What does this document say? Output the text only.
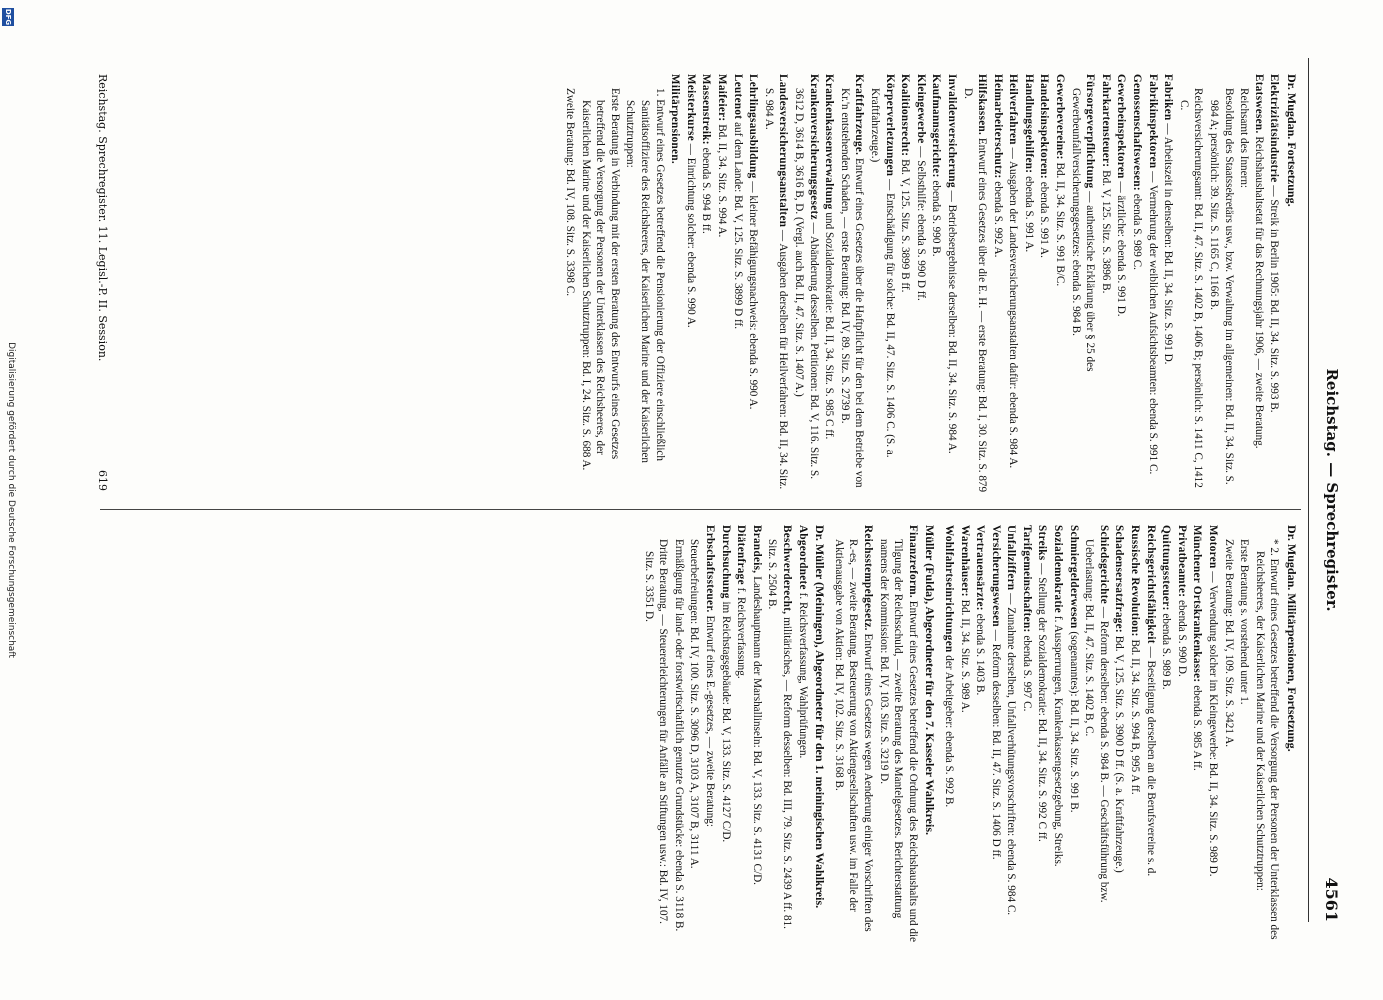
Reichstag. — Sprechregister.
4561
Dr. Mugdan. Fortsetzung.
Elektrizitätsindustrie — Streik in Berlin 1905: Bd. II, 34. Sitz. S. 993 B.
Etatswesen. Reichshaushaltsetat für das Rechnungsjahr 1906, — zweite Beratung. Reichsamt des Innern:
Besoldung des Staatssekretärs usw., bzw. Verwaltung im allgemeinen: Bd. II, 34. Sitz. S. 984 A; persönlich: 39. Sitz. S. 1165 C, 1166 B.
Reichsversicherungsamt: Bd. II, 47. Sitz. S. 1402 B, 1406 B; persönlich: S. 1411 C, 1412 C.
Fabriken — Arbeitszeit in denselben: Bd. II, 34. Sitz. S. 991 D.
Fabrikinspektoren — Vermehrung der weiblichen Aufsichtsbeamten: ebenda S. 991 C.
Genossenschaftswesen: ebenda S. 989 C.
Gewerbeinspektoren — ärztliche: ebenda S. 991 D.
Fahrkartensteuer: Bd. V, 125. Sitz. S. 3896 B.
Fürsorgeverpflichtung — authentische Erklärung über § 25 des Gewerbeunfallversicherungsgesetzes: ebenda S. 984 B.
Gewerbevereine: Bd. II, 34. Sitz. S. 991 B/C.
Handelsinspektoren: ebenda S. 991 A.
Handlungsgehilfen: ebenda S. 991 A.
Heilverfahren — Ausgaben der Landesversicherungsanstalten dafür: ebenda S. 984 A.
Heimarbeiterschutz: ebenda S. 992 A.
Hilfskassen. Entwurf eines Gesetzes über die E. H. — erste Beratung: Bd. I, 30. Sitz. S. 879 D.
Invalidenversicherung — Betriebsergebnisse derselben: Bd. II, 34. Sitz. S. 984 A.
Kaufmannsgerichte: ebenda S. 990 B.
Kleingewerbe — Selbsthilfe: ebenda S. 990 D ff.
Koalitionsrecht: Bd. V, 125. Sitz. S. 3899 B ff.
Körperverletzungen — Entschädigung für solche: Bd. II, 47. Sitz. S. 1406 C. (S. a. Kraftfahrzeuge.)
Kraftfahrzeuge. Entwurf eines Gesetzes über die Haftpflicht für den bei dem Betriebe von Kr.'n entstehenden Schaden, — erste Beratung: Bd. IV, 89. Sitz. S. 2739 B.
Krankenkassenverwaltung und Sozialdemokratie: Bd. II, 34. Sitz. S. 985 C ff.
Krankenversicherungsgesetz — Abänderung desselben. Petitionen: Bd. V, 116. Sitz. S. 3612 D, 3614 B, 3616 B, D. (Vergl. auch Bd. II, 47. Sitz. S. 1407 A.)
Landesversicherungsanstalten — Ausgaben derselben für Heilverfahren: Bd. II, 34. Sitz. S. 984 A.
Lehrlingsausbildung — kleiner Befähigungsnachweis: ebenda S. 990 A.
Leutenot auf dem Lande: Bd. V, 125. Sitz. S. 3899 D ff.
Maifeier: Bd. II, 34. Sitz. S. 994 A.
Massenstreik: ebenda S. 994 B ff.
Meisterkurse — Einrichtung solcher: ebenda S. 990 A.
Militärpensionen.
1. Entwurf eines Gesetzes betreffend die Pensionierung der Offiziere einschließlich Sanitätsoffiziere des Reichsheeres, der Kaiserlichen Marine und der Kaiserlichen Schutztruppen:
Erste Beratung in Verbindung mit der ersten Beratung des Entwurfs eines Gesetzes betreffend die Versorgung der Personen der Unterklassen des Reichsheeres, der Kaiserlichen Marine und der Kaiserlichen Schutztruppen: Bd. I, 24. Sitz. S. 688 A.
Zweite Beratung: Bd. IV, 108. Sitz. S. 3398 C.
Dr. Mugdan. Militärpensionen, Fortsetzung.
* 2. Entwurf eines Gesetzes betreffend die Versorgung der Personen der Unterklassen des Reichsheeres, der Kaiserlichen Marine und der Kaiserlichen Schutztruppen:
Erste Beratung s. vorstehend unter 1.
Zweite Beratung: Bd. IV, 109. Sitz. S. 3421 A.
Motoren — Verwendung solcher im Kleingewerbe: Bd. II, 34. Sitz. S. 989 D.
Münchener Ortskrankenkasse: ebenda S. 985 A ff.
Privatbeamte: ebenda S. 990 D.
Quittungssteuer: ebenda S. 989 B.
Reichsgerichtsfähigkeit — Beseitigung derselben an die Berufsvereine s. d.
Russische Revolution: Bd. II, 34. Sitz. S. 994 B, 995 A ff.
Schadensersatzfrage: Bd. V, 125. Sitz. S. 3900 D ff. (S. a. Kraftfahrzeuge.)
Schiedsgerichte — Reform derselben: ebenda S. 984 B. — Geschäftsführung bzw. Ueberlastung: Bd. II, 47. Sitz. S. 1402 B, C.
Schmiergelderwesen (sogenanntes): Bd. II, 34. Sitz. S. 991 B.
Sozialdemokratie f. Aussperrungen, Krankenkassengesetzgebung, Streiks.
Streiks — Stellung der Sozialdemokratie: Bd. II, 34. Sitz. S. 992 C ff.
Tarifgemeinschaften: ebenda S. 997 C.
Unfallziffern — Zunahme derselben, Unfallverhütungsvorschriften: ebenda S. 984 C.
Versicherungswesen — Reform desselben: Bd. II, 47. Sitz. S. 1406 D ff.
Vertrauensärzte: ebenda S. 1403 B.
Warenhäuser: Bd. II, 34. Sitz. S. 989 A.
Wohlfahrtseinrichtungen der Arbeitgeber: ebenda S. 992 B.
Müller (Fulda), Abgeordneter für den 7. Kasseler Wahlkreis.
Finanzreform. Entwurf eines Gesetzes betreffend die Ordnung des Reichshaushalts und die Tilgung der Reichsschuld, — zweite Beratung des Mantelgesetzes. Berichterstattung namens der Kommission: Bd. IV, 103. Sitz. S. 3219 D.
Reichsstempelgesetz. Entwurf eines Gesetzes wegen Aenderung einiger Vorschriften des R.-es, — zweite Beratung, Besteuerung von Aktiengesellschaften usw. im Falle der Aktienausgabe von Aktien: Bd. IV, 102. Sitz. S. 3168 B.
Dr. Müller (Meiningen), Abgeordneter für den 1. meiningischen Wahlkreis.
Abgeordnete f. Reichsverfassung, Wahlprüfungen.
Beschwerderecht, militärisches, — Reform desselben: Bd. III, 79. Sitz. S. 2439 A ff. 81. Sitz. S. 2504 B.
Brandeis, Landeshauptmann der Marshallinseln: Bd. V, 133. Sitz. S. 4131 C/D.
Diätenfrage f. Reichsverfassung.
Durchsuchung im Reichstagsgebäude: Bd. V, 133. Sitz. S. 4127 C/D.
Erbschaftssteuer. Entwurf eines E.-gesetzes, — zweite Beratung:
Steuerbefreiungen: Bd. IV, 100. Sitz. S. 3096 D, 3103 A, 3107 B, 3111 A.
Ermäßigung für land- oder forstwirtschaftlich genutzte Grundstücke: ebenda S. 3118 B.
Dritte Beratung, — Steuererleichterungen für Anfälle an Stiftungen usw.: Bd. IV, 107. Sitz. S. 3351 D.
Reichstag. Sprechregister. 11. Legisl.-P. II. Session.
619
Digitalisierung gefördert durch die Deutsche Forschungsgemeinschaft
DFG
